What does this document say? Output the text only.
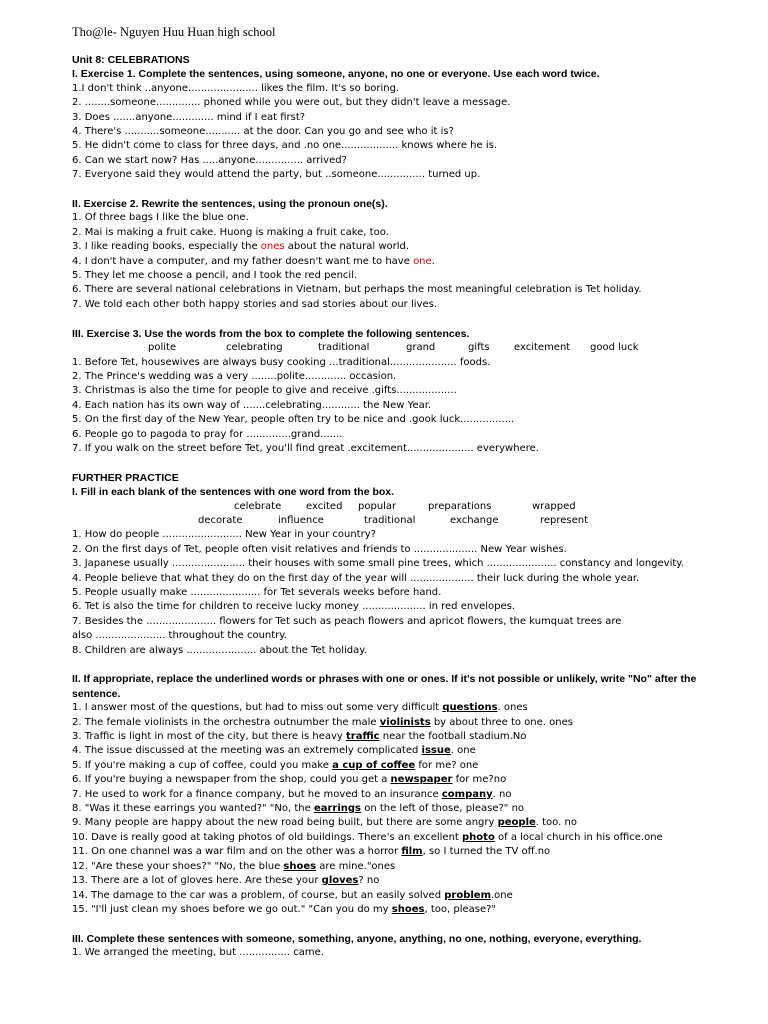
Tho@le- Nguyen Huu Huan high school
Unit 8: CELEBRATIONS
I. Exercise 1. Complete the sentences, using someone, anyone, no one or everyone. Use each word twice.
1.I don't think ..anyone...................... likes the film. It's so boring.
2. ........someone.............. phoned while you were out, but they didn't leave a message.
3. Does .......anyone............. mind if I eat first?
4. There's ...........someone........... at the door. Can you go and see who it is?
5. He didn't come to class for three days, and .no one.................. knows where he is.
6. Can we start now? Has .....anyone............... arrived?
7. Everyone said they would attend the party, but ..someone............... turned up.
II. Exercise 2. Rewrite the sentences, using the pronoun one(s).
1. Of three bags I like the blue one.
2. Mai is making a fruit cake. Huong is making a fruit cake, too.
3. I like reading books, especially the ones about the natural world.
4. I don't have a computer, and my father doesn't want me to have one.
5. They let me choose a pencil, and I took the red pencil.
6. There are several national celebrations in Vietnam, but perhaps the most meaningful celebration is Tet holiday.
7. We told each other both happy stories and sad stories about our lives.
III. Exercise 3. Use the words from the box to complete the following sentences.
polite	celebrating	traditional	grand	gifts	excitement	good luck
1. Before Tet, housewives are always busy cooking ...traditional..................... foods.
2. The Prince's wedding was a very ........polite............. occasion.
3. Christmas is also the time for people to give and receive .gifts...................
4. Each nation has its own way of .......celebrating............ the New Year.
5. On the first day of the New Year, people often try to be nice and .gook luck.................
6. People go to pagoda to pray for ..............grand.......
7. If you walk on the street before Tet, you'll find great .excitement..................... everywhere.
FURTHER PRACTICE
I. Fill in each blank of the sentences with one word from the box.
celebrate	excited	popular	preparations	wrapped
decorate	influence	traditional	exchange	represent
1. How do people ......................... New Year in your country?
2. On the first days of Tet, people often visit relatives and friends to .................... New Year wishes.
3. Japanese usually ....................... their houses with some small pine trees, which ...................... constancy and longevity.
4. People believe that what they do on the first day of the year will .................... their luck during the whole year.
5. People usually make ...................... for Tet severals weeks before hand.
6. Tet is also the time for children to receive lucky money .................... in red envelopes.
7. Besides the ...................... flowers for Tet such as peach flowers and apricot flowers, the kumquat trees are
also ...................... throughout the country.
8. Children are always ...................... about the Tet holiday.
II. If appropriate, replace the underlined words or phrases with one or ones. If it's not possible or unlikely, write "No" after the sentence.
1. I answer most of the questions, but had to miss out some very difficult questions. ones
2. The female violinists in the orchestra outnumber the male violinists by about three to one. ones
3. Traffic is light in most of the city, but there is heavy traffic near the football stadium.No
4. The issue discussed at the meeting was an extremely complicated issue. one
5. If you're making a cup of coffee, could you make a cup of coffee for me? one
6. If you're buying a newspaper from the shop, could you get a newspaper for me?no
7. He used to work for a finance company, but he moved to an insurance company. no
8. "Was it these earrings you wanted?" "No, the earrings on the left of those, please?" no
9. Many people are happy about the new road being built, but there are some angry people. too. no
10. Dave is really good at taking photos of old buildings. There's an excellent photo of a local church in his office.one
11. On one channel was a war film and on the other was a horror film, so I turned the TV off.no
12. "Are these your shoes?" "No, the blue shoes are mine."ones
13. There are a lot of gloves here. Are these your gloves? no
14. The damage to the car was a problem, of course, but an easily solved problem.one
15. "I'll just clean my shoes before we go out." "Can you do my shoes, too, please?"
III. Complete these sentences with someone, something, anyone, anything, no one, nothing, everyone, everything.
1. We arranged the meeting, but ................ came.
